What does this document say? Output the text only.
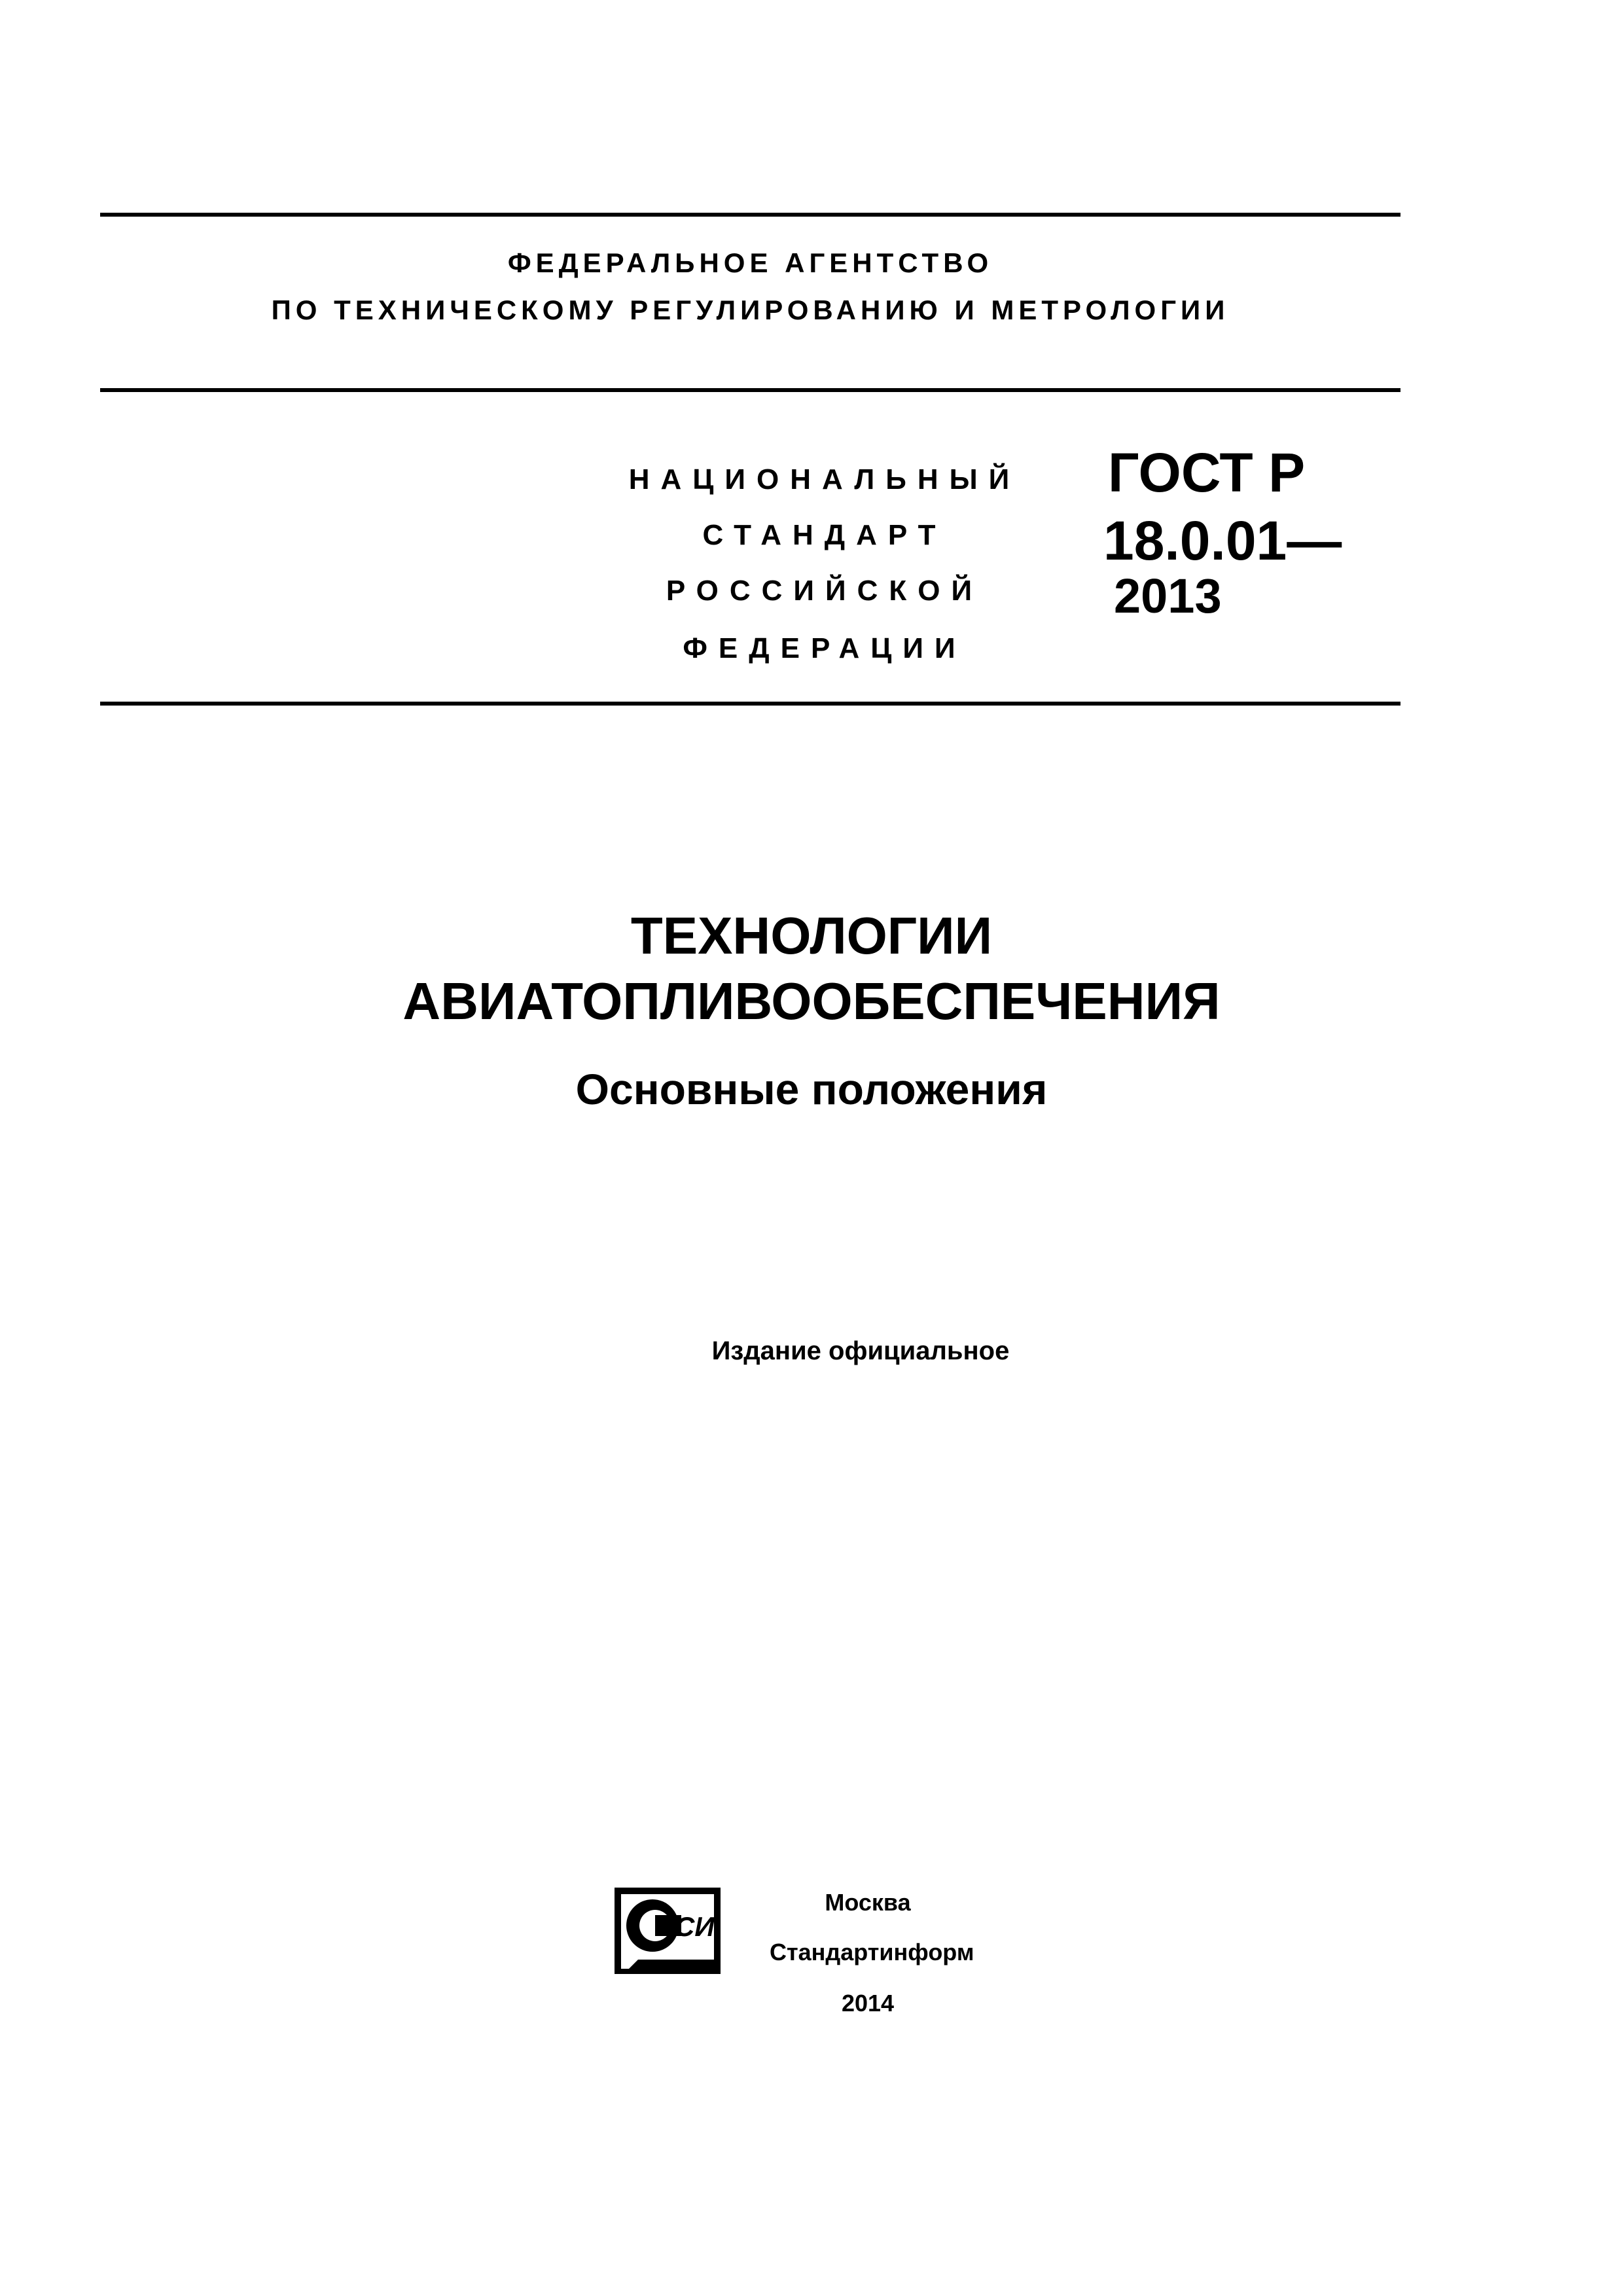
ФЕДЕРАЛЬНОЕ АГЕНТСТВО
ПО ТЕХНИЧЕСКОМУ РЕГУЛИРОВАНИЮ И МЕТРОЛОГИИ
НАЦИОНАЛЬНЫЙ
СТАНДАРТ
РОССИЙСКОЙ
ФЕДЕРАЦИИ
ГОСТ Р
18.0.01—
2013
ТЕХНОЛОГИИ
АВИАТОПЛИВООБЕСПЕЧЕНИЯ
Основные положения
Издание официальное
СИ
Москва
Стандартинформ
2014
